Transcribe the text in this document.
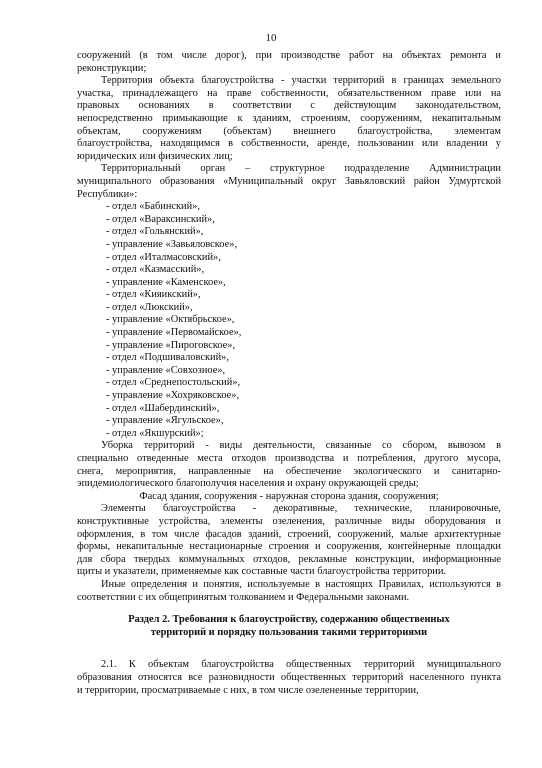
10
сооружений (в том числе дорог), при производстве работ на объектах ремонта и
реконструкции;
Территория объекта благоустройства - участки территорий в границах земельного
участка, принадлежащего на праве собственности, обязательственном праве или на
правовых основаниях в соответствии с действующим законодательством,
непосредственно примыкающие к зданиям, строениям, сооружениям, некапитальным
объектам, сооружениям (объектам) внешнего благоустройства, элементам
благоустройства, находящимся в собственности, аренде, пользовании или владении у
юридических или физических лиц;
Территориальный орган – структурное подразделение Администрации
муниципального образования «Муниципальный округ Завьяловский район Удмуртской
Республики»:
- отдел «Бабинский»,
- отдел «Вараксинский»,
- отдел «Гольянский»,
- управление «Завьяловское»,
- отдел «Италмасовский»,
- отдел «Казмасский»,
- управление «Каменское»,
- отдел «Кияикский»,
- отдел «Люкский»,
- управление «Октябрьское»,
- управление «Первомайское»,
- управление «Пироговское»,
- отдел «Подшиваловский»,
- управление «Совхозное»,
- отдел «Среднепостольский»,
- управление «Хохряковское»,
- отдел «Шабердинский»,
- управление «Ягульское»,
- отдел «Якшурский»;
Уборка территорий - виды деятельности, связанные со сбором, вывозом в
специально отведенные места отходов производства и потребления, другого мусора,
снега, мероприятия, направленные на обеспечение экологического и санитарно-
эпидемиологического благополучия населения и охрану окружающей среды;
Фасад здания, сооружения - наружная сторона здания, сооружения;
Элементы благоустройства - декоративные, технические, планировочные,
конструктивные устройства, элементы озеленения, различные виды оборудования и
оформления, в том числе фасадов зданий, строений, сооружений, малые архитектурные
формы, некапитальные нестационарные строения и сооружения, контейнерные площадки
для сбора твердых коммунальных отходов, рекламные конструкции, информационные
щиты и указатели, применяемые как составные части благоустройства территории.
Иные определения и понятия, используемые в настоящих Правилах, используются в
соответствии с их общепринятым толкованием и Федеральными законами.
Раздел 2. Требования к благоустройству, содержанию общественных
территорий и порядку пользования такими территориями
2.1. К объектам благоустройства общественных территорий муниципального
образования относятся все разновидности общественных территорий населенного пункта
и территории, просматриваемые с них, в том числе озелененные территории,
